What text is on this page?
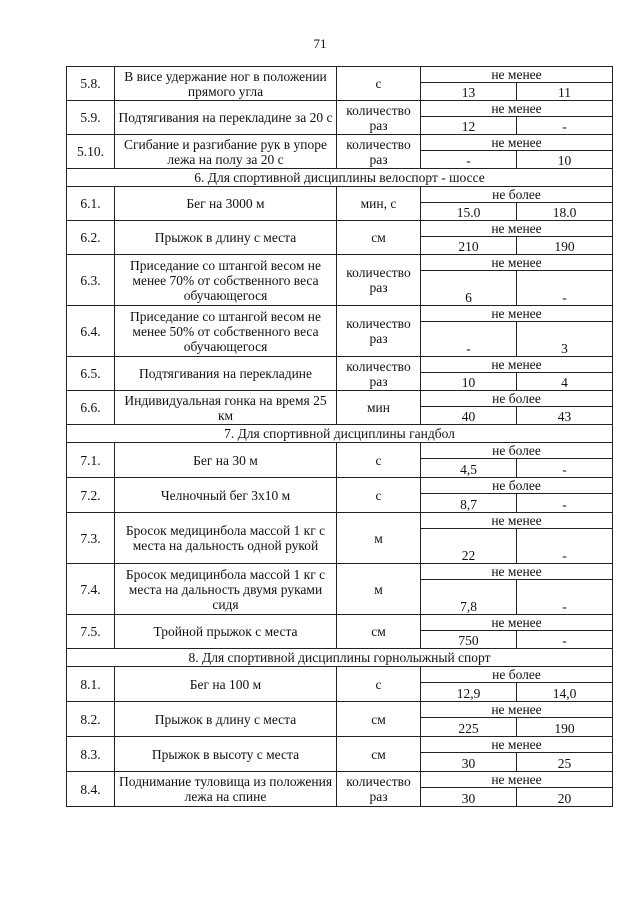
71
5.8.	В висе удержание ног в положении прямого угла	с	не менее	
			13	11
5.9.	Подтягивания на перекладине за 20 с	количество раз	не менее	
			12	-
5.10.	Сгибание и разгибание рук в упоре лежа на полу за 20 с	количество раз	не менее	
			-	10
6. Для спортивной дисциплины велоспорт - шоссе				
6.1.	Бег на 3000 м	мин, с	не более	
			15.0	18.0
6.2.	Прыжок в длину с места	см	не менее	
			210	190
6.3.	Приседание со штангой весом не менее 70% от собственного веса обучающегося	количество раз	не менее	
			6	-
6.4.	Приседание со штангой весом не менее 50% от собственного веса обучающегося	количество раз	не менее	
			-	3
6.5.	Подтягивания на перекладине	количество раз	не менее	
			10	4
6.6.	Индивидуальная гонка на время 25 км	мин	не более	
			40	43
7. Для спортивной дисциплины гандбол				
7.1.	Бег на 30 м	с	не более	
			4,5	-
7.2.	Челночный бег 3х10 м	с	не более	
			8,7	-
7.3.	Бросок медицинбола массой 1 кг с места на дальность одной рукой	м	не менее	
			22	-
7.4.	Бросок медицинбола массой 1 кг с места на дальность двумя руками сидя	м	не менее	
			7,8	-
7.5.	Тройной прыжок с места	см	не менее	
			750	-
8. Для спортивной дисциплины горнолыжный спорт				
8.1.	Бег на 100 м	с	не более	
			12,9	14,0
8.2.	Прыжок в длину с места	см	не менее	
			225	190
8.3.	Прыжок в высоту с места	см	не менее	
			30	25
8.4.	Поднимание туловища из положения лежа на спине	количество раз	не менее	
			30	20
